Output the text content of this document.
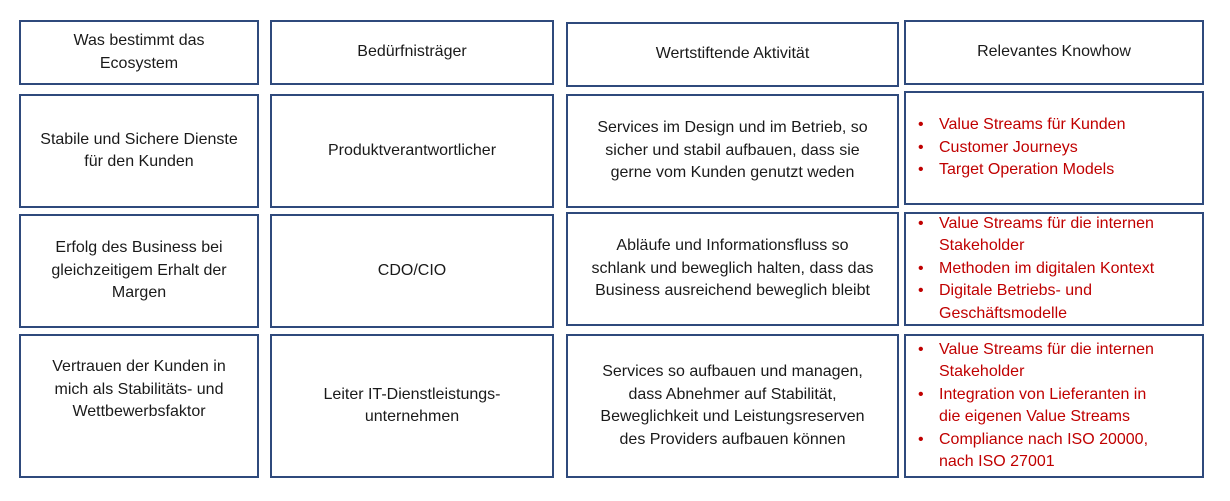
Was bestimmt das
Ecosystem
Bedürfnisträger	Wertstiftende Aktivität	Relevantes Knowhow
Stabile und Sichere Dienste
für den Kunden
Produktverantwortlicher
Services im Design und im Betrieb, so
sicher und stabil aufbauen, dass sie
gerne vom Kunden genutzt weden
• Value Streams für Kunden
• Customer Journeys
• Target Operation Models
Erfolg des Business bei
gleichzeitigem Erhalt der
Margen
CDO/CIO
Abläufe und Informationsfluss so
schlank und beweglich halten, dass das
Business ausreichend beweglich bleibt
• Value Streams für die internen
Stakeholder
• Methoden im digitalen Kontext
• Digitale Betriebs- und
Geschäftsmodelle
Vertrauen der Kunden in
mich als Stabilitäts- und
Wettbewerbsfaktor
Leiter IT-Dienstleistungs-
unternehmen
Services so aufbauen und managen,
dass Abnehmer auf Stabilität,
Beweglichkeit und Leistungsreserven
des Providers aufbauen können
• Value Streams für die internen
Stakeholder
• Integration von Lieferanten in
die eigenen Value Streams
• Compliance nach ISO 20000,
nach ISO 27001
